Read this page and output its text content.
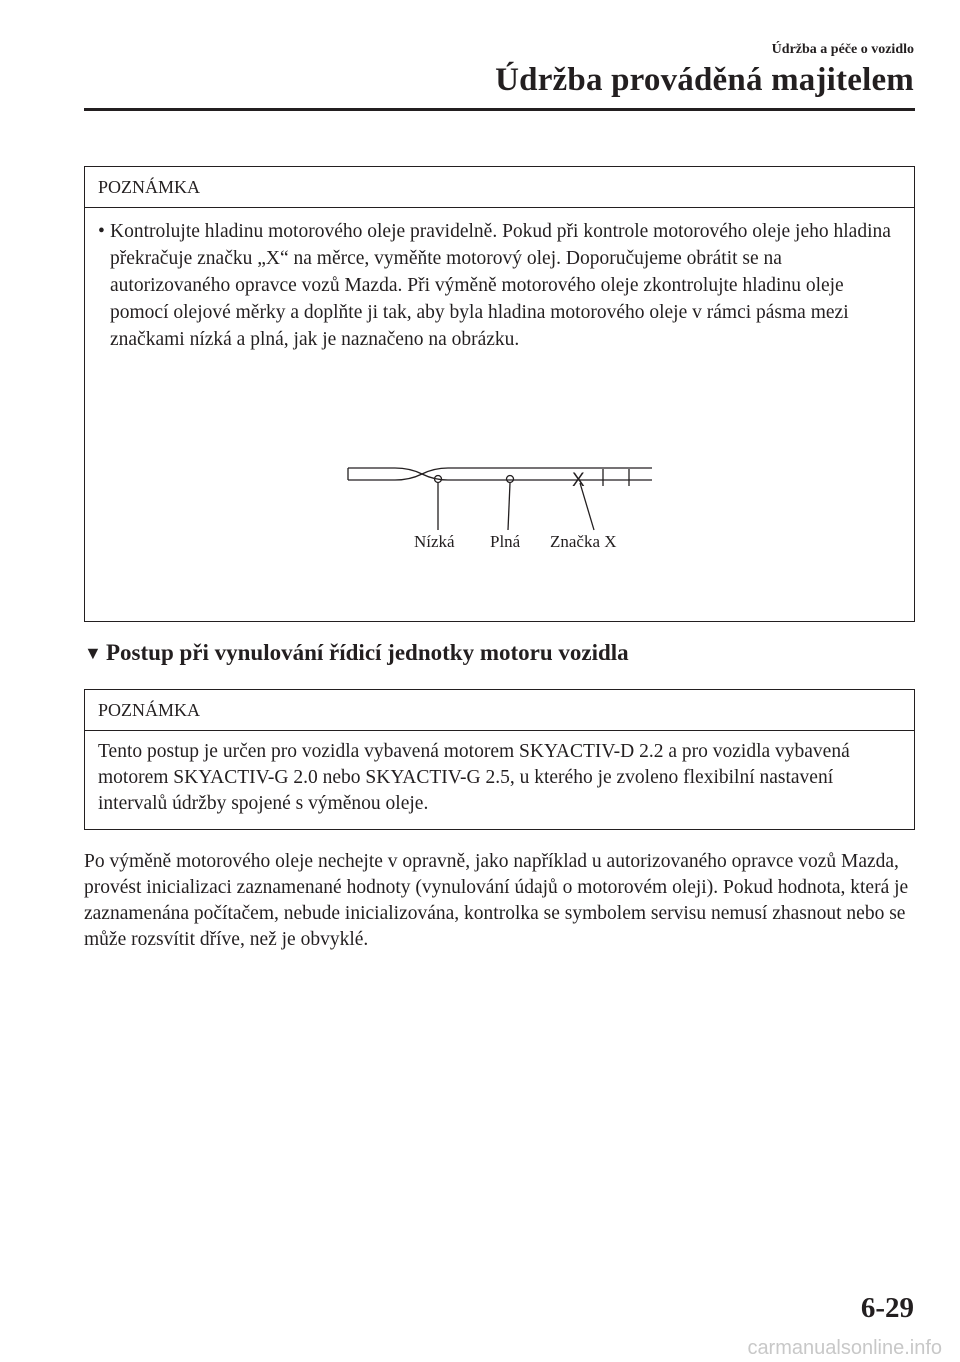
Údržba a péče o vozidlo
Údržba prováděná majitelem
POZNÁMKA
• Kontrolujte hladinu motorového oleje pravidelně. Pokud při kontrole motorového oleje jeho hladina překračuje značku „X“ na měrce, vyměňte motorový olej. Doporučujeme obrátit se na autorizovaného opravce vozů Mazda. Při výměně motorového oleje zkontrolujte hladinu oleje pomocí olejové měrky a doplňte ji tak, aby byla hladina motorového oleje v rámci pásma mezi značkami nízká a plná, jak je naznačeno na obrázku.
X
Nízká Plná Značka X
▼ Postup při vynulování řídicí jednotky motoru vozidla
POZNÁMKA
Tento postup je určen pro vozidla vybavená motorem SKYACTIV-D 2.2 a pro vozidla vybavená motorem SKYACTIV-G 2.0 nebo SKYACTIV-G 2.5, u kterého je zvoleno flexibilní nastavení intervalů údržby spojené s výměnou oleje.
Po výměně motorového oleje nechejte v opravně, jako například u autorizovaného opravce vozů Mazda, provést inicializaci zaznamenané hodnoty (vynulování údajů o motorovém oleji). Pokud hodnota, která je zaznamenána počítačem, nebude inicializována, kontrolka se symbolem servisu nemusí zhasnout nebo se může rozsvítit dříve, než je obvyklé.
6-29
carmanualsonline.info
